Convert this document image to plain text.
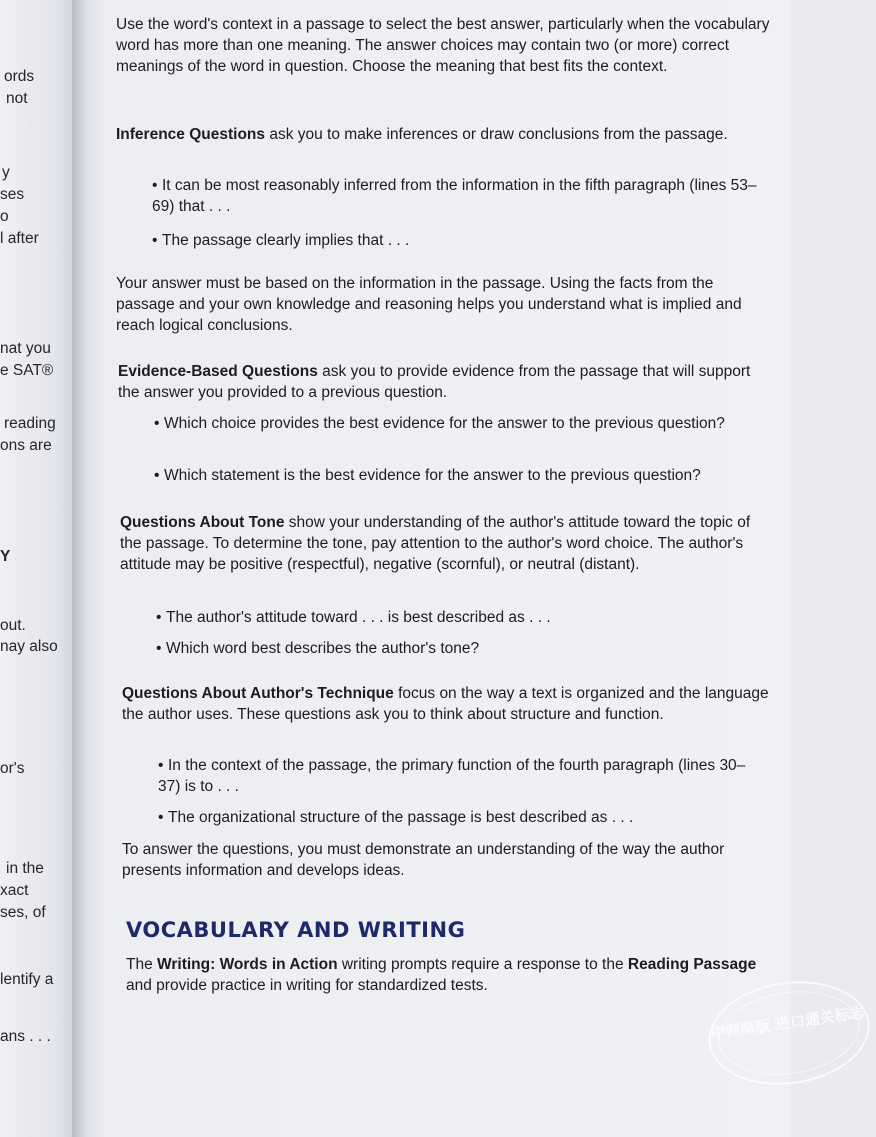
ords
not
y
ses
o
l after
nat you
e SAT®
reading
ons are
Y
out.
nay also
or's
in the
xact
ses, of
lentify a
ans . . .

Use the word's context in a passage to select the best answer, particularly when the vocabulary word has more than one meaning. The answer choices may contain two (or more) correct meanings of the word in question. Choose the meaning that best fits the context.

Inference Questions ask you to make inferences or draw conclusions from the passage.

• It can be most reasonably inferred from the information in the fifth paragraph (lines 53–69) that . . .
• The passage clearly implies that . . .

Your answer must be based on the information in the passage. Using the facts from the passage and your own knowledge and reasoning helps you understand what is implied and reach logical conclusions.

Evidence-Based Questions ask you to provide evidence from the passage that will support the answer you provided to a previous question.

• Which choice provides the best evidence for the answer to the previous question?
• Which statement is the best evidence for the answer to the previous question?

Questions About Tone show your understanding of the author's attitude toward the topic of the passage. To determine the tone, pay attention to the author's word choice. The author's attitude may be positive (respectful), negative (scornful), or neutral (distant).

• The author's attitude toward . . . is best described as . . .
• Which word best describes the author's tone?

Questions About Author's Technique focus on the way a text is organized and the language the author uses. These questions ask you to think about structure and function.

• In the context of the passage, the primary function of the fourth paragraph (lines 30–37) is to . . .
• The organizational structure of the passage is best described as . . .

To answer the questions, you must demonstrate an understanding of the way the author presents information and develops ideas.

VOCABULARY AND WRITING

The Writing: Words in Action writing prompts require a response to the Reading Passage and provide practice in writing for standardized tests.

中商原版 进口通关标志
